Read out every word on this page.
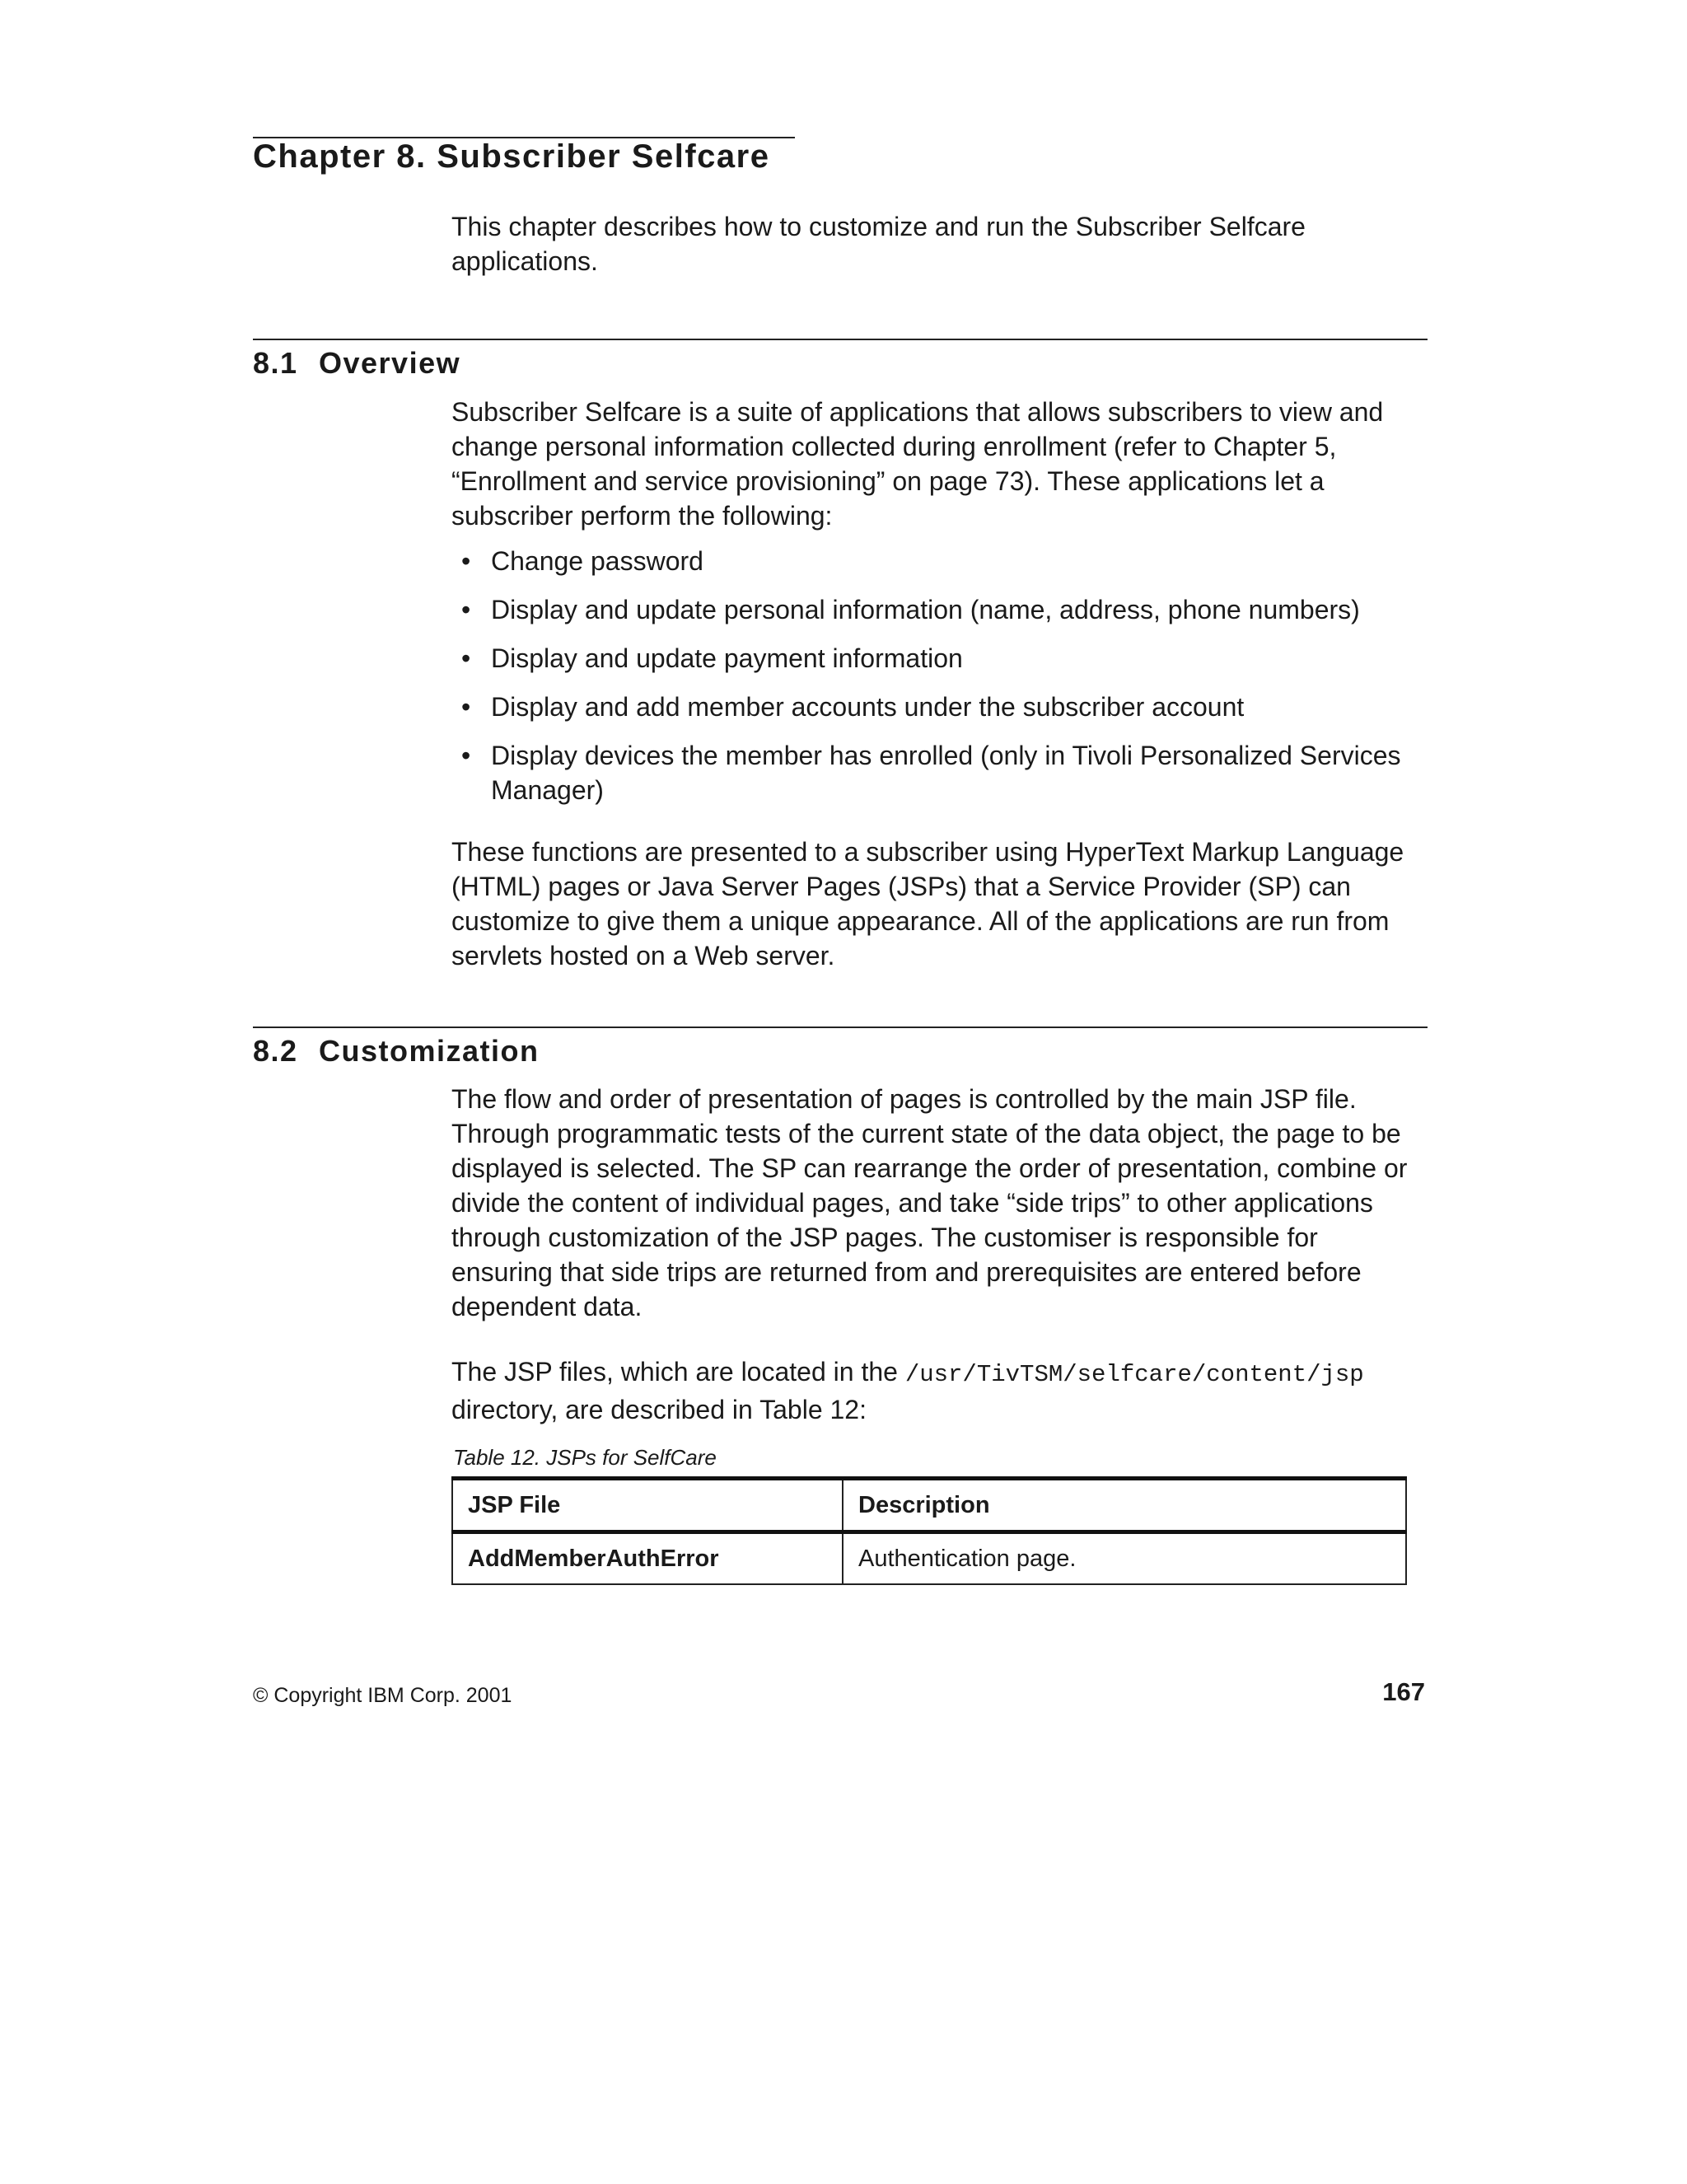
Chapter 8. Subscriber Selfcare

This chapter describes how to customize and run the Subscriber Selfcare applications.

8.1 Overview

Subscriber Selfcare is a suite of applications that allows subscribers to view and change personal information collected during enrollment (refer to Chapter 5, “Enrollment and service provisioning” on page 73). These applications let a subscriber perform the following:

• Change password
• Display and update personal information (name, address, phone numbers)
• Display and update payment information
• Display and add member accounts under the subscriber account
• Display devices the member has enrolled (only in Tivoli Personalized Services Manager)

These functions are presented to a subscriber using HyperText Markup Language (HTML) pages or Java Server Pages (JSPs) that a Service Provider (SP) can customize to give them a unique appearance. All of the applications are run from servlets hosted on a Web server.

8.2 Customization

The flow and order of presentation of pages is controlled by the main JSP file. Through programmatic tests of the current state of the data object, the page to be displayed is selected. The SP can rearrange the order of presentation, combine or divide the content of individual pages, and take “side trips” to other applications through customization of the JSP pages. The customiser is responsible for ensuring that side trips are returned from and prerequisites are entered before dependent data.

The JSP files, which are located in the /usr/TivTSM/selfcare/content/jsp directory, are described in Table 12:

Table 12. JSPs for SelfCare

JSP File	Description
AddMemberAuthError	Authentication page.

© Copyright IBM Corp. 2001	167
